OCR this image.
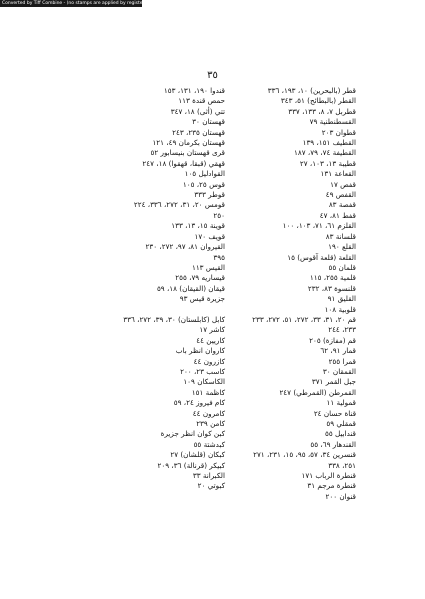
Converted by Tiff Combine - (no stamps are applied by registered version)
٣٥
قطر (بالبحرين) ١٠، ١٩٣، ٣٣٦
القطر (بالبطائح) ٥١، ٣٤٣
قطربل ٧، ٨، ١٣٣، ٣٣٧
القسطنطنية ٧٩
قطوان ٢٠٣
القطيف ١٥١، ١٣٩
القطيفة ٧٤، ٧٩، ١٨٧
قطيبة ١٣، ١٠٣، ٢٧
القعاعة ١٣١
قفص ١٧
القفص ٤٩
قفصة ٨٣
قفط ٨١، ٤٧
القلزم ٦١، ٧١، ١٠٣، ١٠٠
قلسانة ٨٣
القلع ١٩٠
القلعة (قلعة آقوس) ١٥
قلمان ٥٥
قلمية ٢٥٥، ١١٥
قلنسوة ٨٣، ٢٣٢
القليق ٩١
قلوبية ١٠٨
قم ٢٠، ٣١، ٣٣، ٢٧٢، ٥١، ٢٧٢، ٢٣٣
٢٣٣، ٢٤٤
قم (مفازة) ٢٠٥
قمار ٩١، ٦٢
قمرا ٢٥٥
القمقان ٣٠
جبل القمر ٣٧١
القمرطن (القمرطي) ٢٤٧
قمولية ١١
قناة حسان ٢٤
قمقلي ٥٩
قندابيل ٥٥
القندهار ٦٩، ٥٥
قنسرين ٣٤، ٥٧، ٩٥، ١٥، ٢٣١، ٢٧١
٢٥١، ٣٣٨
قنطرة الرباب ١٧١
قنطرة مرجم ٣١
قنوان ٢٠٠
قندوا ١٩٠، ١٣١، ١٥٣
حمص قندة ١١٣
تتي (أثى) ١٨، ٣٤٧
قهستان ٣٠
قهستان ٢٣٥، ٢٤٣
قهستان بكرمان ٤٩، ١٢١
قرى قهستان بنيسابور ٥٢
قهقي (قبقا، قهقوا) ١٨، ٢٤٧
القوادليل ١٠٥
قوس ٢٥، ١٠٥
قوطر ٣٣٣
قومس ٢٠، ٣١، ٢٧٢، ٣٣٦، ٢٢٤
٢٥٠
قوينة ١٥، ١٣، ١٣٣
قويف ١٧٠
القيروان ٨١، ٩٧، ٢٧٢، ٢٣٠
٣٩٥
القيس ١١٣
قيساريه ٧٩، ٢٥٥
قيقان (القيقان) ١٨، ٥٩
جزيرة قيس ٩٣
كابل (كابلستان) ٣٠، ٣٩، ٢٧٢، ٣٣٦
كاشر ١٧
كاريين ٤٤
كاروان انظر باب
كازرون ٤٤
كاسب ٢٣، ٢٠٠
الكاسكان ١٠٩
كاظمة ١٥١
كام فيروز ٢٤، ٥٩
كامرون ٤٤
كامن ٢٣٩
كبن كوان انظر جزيرة
كبدشتة ٥٥
كبكان (قلشان) ٢٧
كبيكر (قرنالة) ٣٦، ٢٠٩
الكبرانة ٣٣
كبوتي ٢٠
